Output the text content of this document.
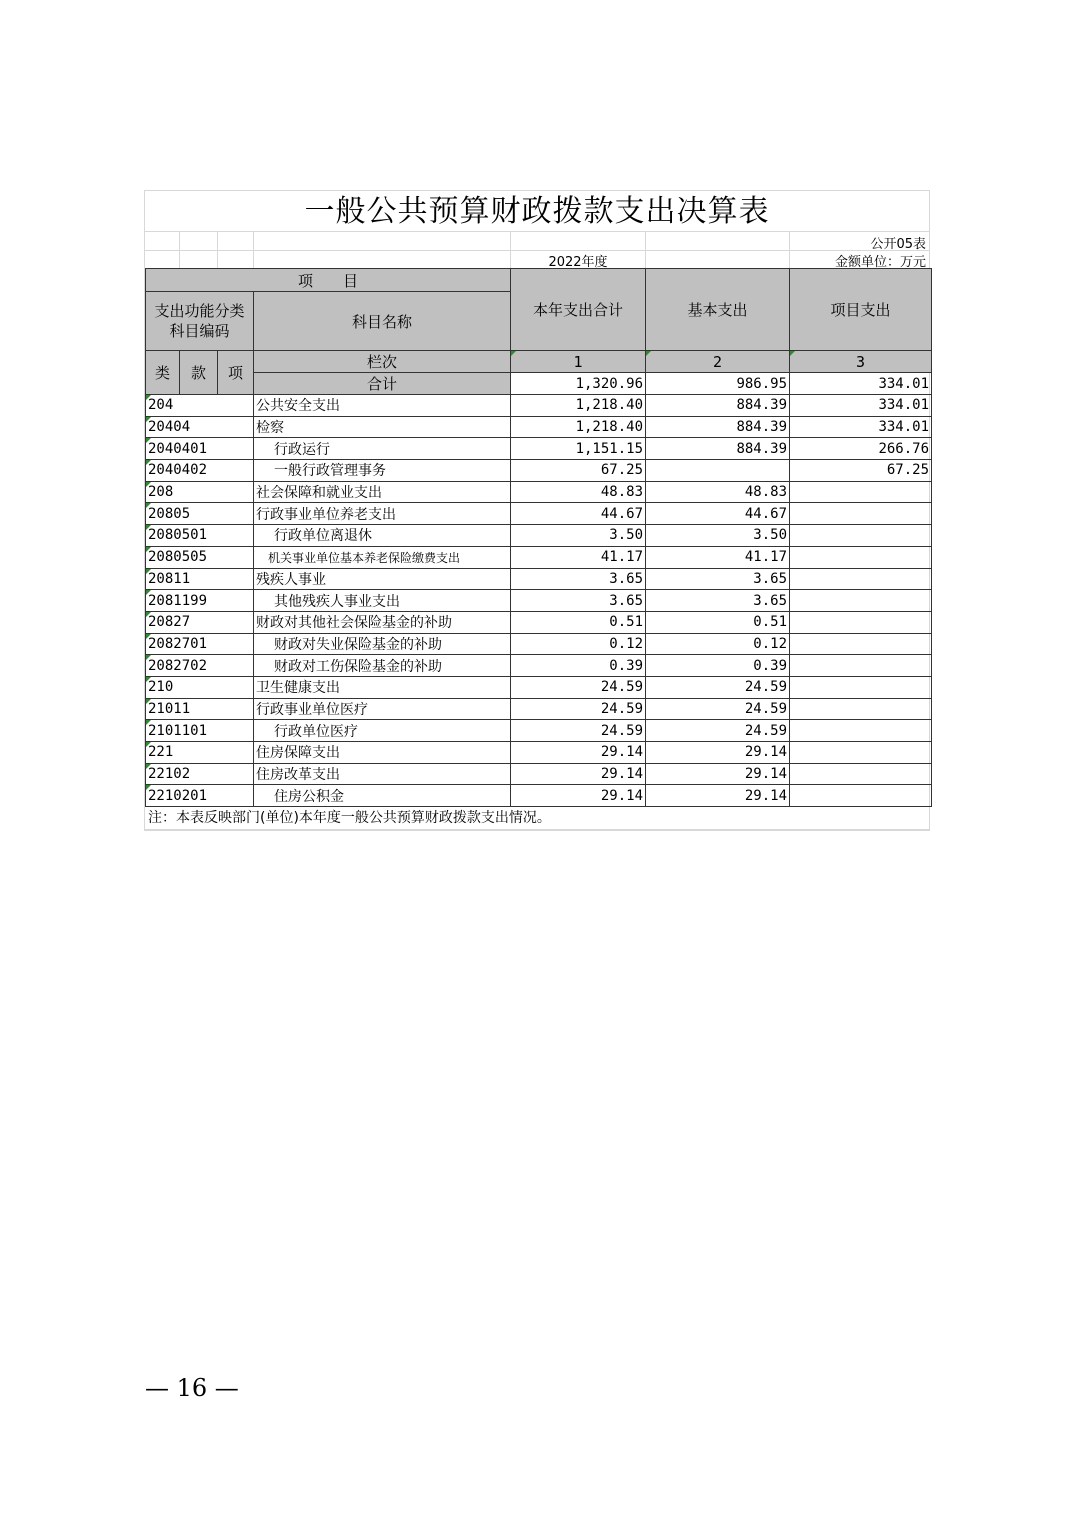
一般公共预算财政拨款支出决算表
公开05表
2022年度	金额单位：万元
项　　目				本年支出合计	基本支出	项目支出
支出功能分类科目编码			科目名称			

类	款	项	栏次	1	2	3
			合计	1,320.96	986.95	334.01

204			公共安全支出	1,218.40	884.39	334.01

20404			检察	1,218.40	884.39	334.01

2040401			行政运行	1,151.15	884.39	266.76

2040402			一般行政管理事务	67.25		67.25

208			社会保障和就业支出	48.83	48.83	

20805			行政事业单位养老支出	44.67	44.67	

2080501			行政单位离退休	3.50	3.50	

2080505			机关事业单位基本养老保险缴费支出	41.17	41.17	

20811			残疾人事业	3.65	3.65	

2081199			其他残疾人事业支出	3.65	3.65	

20827			财政对其他社会保险基金的补助	0.51	0.51	

2082701			财政对失业保险基金的补助	0.12	0.12	

2082702			财政对工伤保险基金的补助	0.39	0.39	

210			卫生健康支出	24.59	24.59	

21011			行政事业单位医疗	24.59	24.59	

2101101			行政单位医疗	24.59	24.59	

221			住房保障支出	29.14	29.14	

22102			住房改革支出	29.14	29.14	

2210201			住房公积金	29.14	29.14	
注：本表反映部门(单位)本年度一般公共预算财政拨款支出情况。
— 16 —
